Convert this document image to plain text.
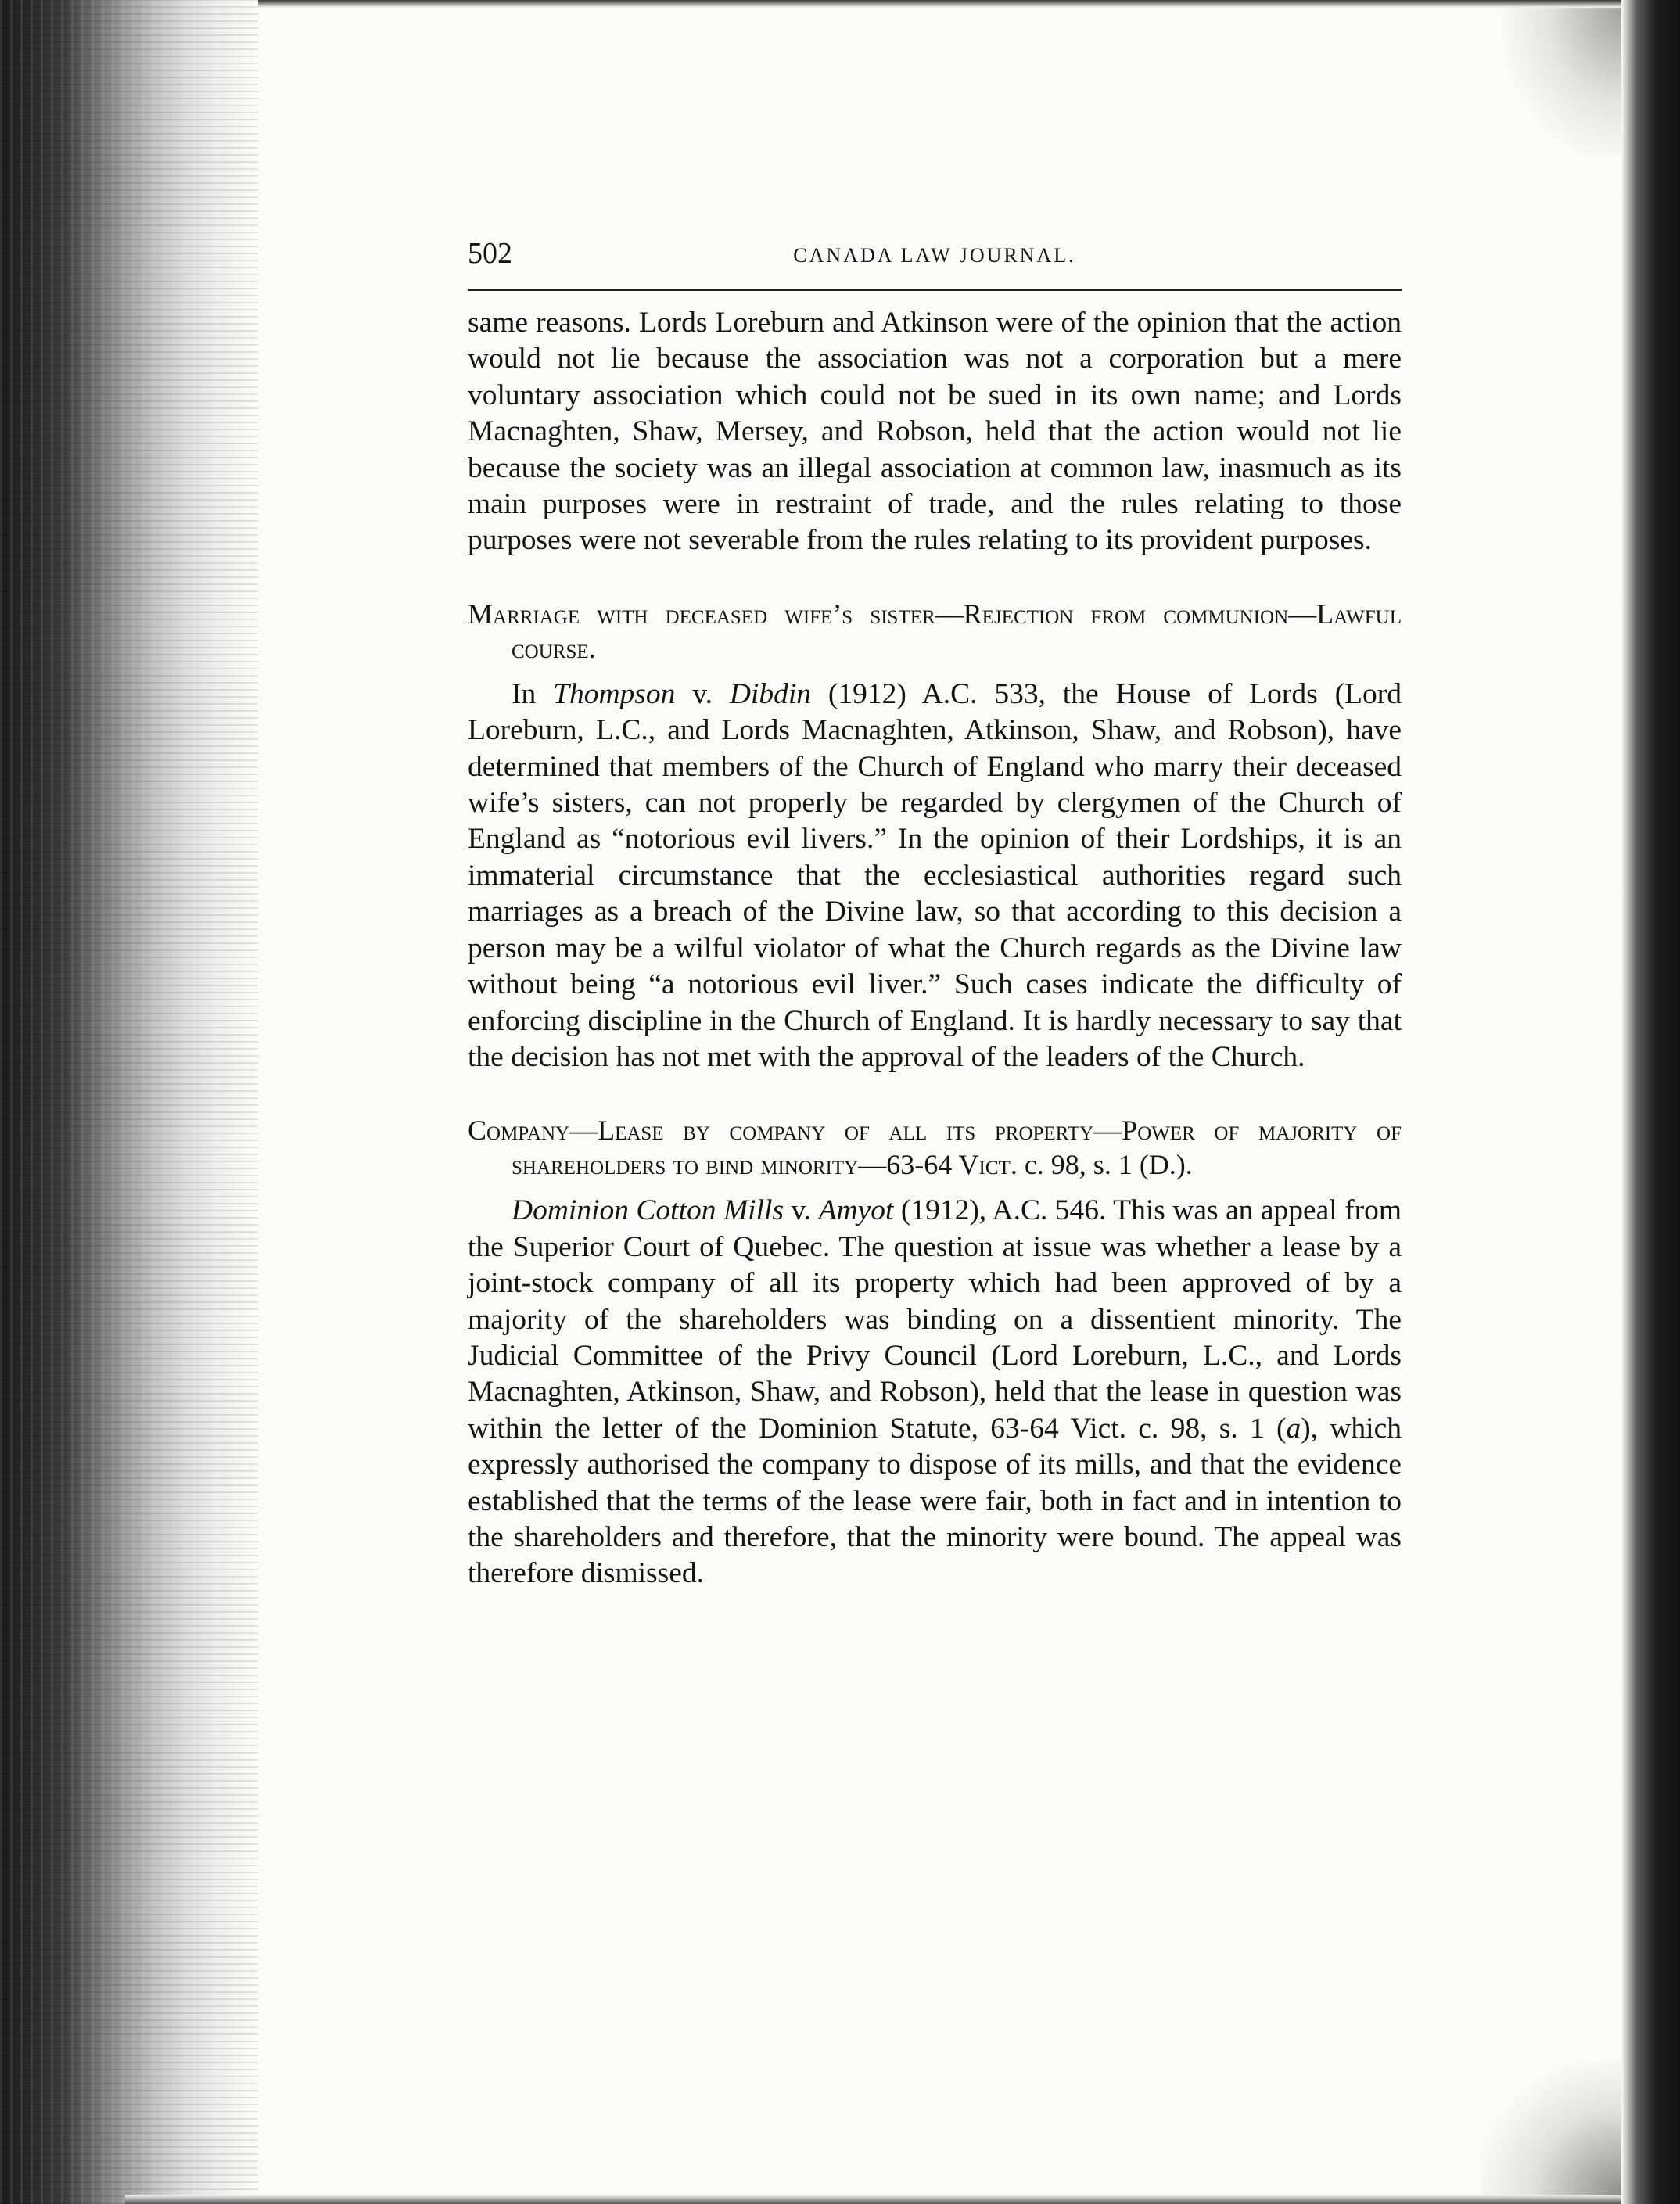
502	CANADA LAW JOURNAL.

same reasons. Lords Loreburn and Atkinson were of the opinion that the action would not lie because the association was not a corporation but a mere voluntary association which could not be sued in its own name; and Lords Macnaghten, Shaw, Mersey, and Robson, held that the action would not lie because the society was an illegal association at common law, inasmuch as its main purposes were in restraint of trade, and the rules relating to those purposes were not severable from the rules relating to its provident purposes.

Marriage with deceased wife’s sister—Rejection from communion—Lawful course.

In Thompson v. Dibdin (1912) A.C. 533, the House of Lords (Lord Loreburn, L.C., and Lords Macnaghten, Atkinson, Shaw, and Robson), have determined that members of the Church of England who marry their deceased wife’s sisters, can not properly be regarded by clergymen of the Church of England as “notorious evil livers.” In the opinion of their Lordships, it is an immaterial circumstance that the ecclesiastical authorities regard such marriages as a breach of the Divine law, so that according to this decision a person may be a wilful violator of what the Church regards as the Divine law without being “a notorious evil liver.” Such cases indicate the difficulty of enforcing discipline in the Church of England. It is hardly necessary to say that the decision has not met with the approval of the leaders of the Church.

Company—Lease by company of all its property—Power of majority of shareholders to bind minority—63-64 Vict. c. 98, s. 1 (D.).

Dominion Cotton Mills v. Amyot (1912), A.C. 546. This was an appeal from the Superior Court of Quebec. The question at issue was whether a lease by a joint-stock company of all its property which had been approved of by a majority of the shareholders was binding on a dissentient minority. The Judicial Committee of the Privy Council (Lord Loreburn, L.C., and Lords Macnaghten, Atkinson, Shaw, and Robson), held that the lease in question was within the letter of the Dominion Statute, 63-64 Vict. c. 98, s. 1 (a), which expressly authorised the company to dispose of its mills, and that the evidence established that the terms of the lease were fair, both in fact and in intention to the shareholders and therefore, that the minority were bound. The appeal was therefore dismissed.
